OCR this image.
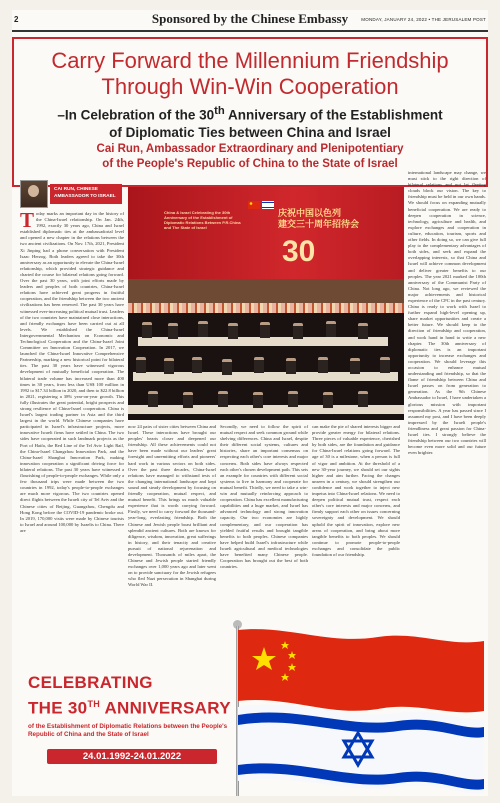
2	Sponsored by the Chinese Embassy	MONDAY, JANUARY 24, 2022 • THE JERUSALEM POST
Carry Forward the Millennium Friendship
Through Win-Win Cooperation
–In Celebration of the 30th Anniversary of the Establishment
of Diplomatic Ties between China and Israel
Cai Run, Ambassador Extraordinary and Plenipotentiary
of the People's Republic of China to the State of Israel
CAI RUN, CHINESE AMBASSADOR TO ISRAEL
Today marks an important day in the history of the China-Israel relationship. On Jan. 24th, 1992, exactly 30 years ago, China and Israel established diplomatic ties at the ambassadorial level and opened a new chapter in the relations between the two ancient civilizations. On Nov. 17th, 2021, President Xi Jinping had a phone conversation with President Isaac Herzog. Both leaders agreed to take the 30th anniversary as an opportunity to elevate the China-Israel relationship, which provided strategic guidance and charted the course for bilateral relations going forward. Over the past 30 years, with joint efforts made by leaders and peoples of both countries, China-Israel relations have achieved great progress in fruitful cooperation, and the friendship between the two ancient civilizations has been renewed. The past 30 years have witnessed ever-increasing political mutual trust. Leaders of the two countries have maintained close interactions, and friendly exchanges have been carried out at all levels. We established the China-Israel Intergovernmental Mechanism on Economic and Technological Cooperation and the China-Israel Joint Committee on Innovation Cooperation. In 2017, we launched the China-Israel Innovative Comprehensive Partnership, marking a new historical point for bilateral ties. The past 30 years have witnessed vigorous development of mutually beneficial cooperation. The bilateral trade volume has increased more than 400 times in 30 years, from less than US$ 100 million in 1992 to $17.34 billion in 2020, and then to $22.8 billion in 2021, registering a 38% year-on-year growth. This fully illustrates the great potential, bright prospects and strong resilience of China-Israel cooperation. China is Israel's largest trading partner in Asia and the third largest in the world. While Chinese companies have participated in Israel's infrastructure projects, more innovative Israeli firms have settled in China. The two sides have cooperated in such landmark projects as the Port of Haifa, the Red Line of the Tel Aviv Light Rail, the China-Israel Changzhou Innovation Park, and the China-Israel Shanghai Innovation Park, making innovation cooperation a significant driving force for bilateral relations. The past 30 years have witnessed a flourishing of people-to-people exchanges. While only a few thousand trips were made between the two countries in 1992, today's people-to-people exchanges are much more vigorous. The two countries opened direct flights between the Israeli city of Tel Aviv and the Chinese cities of Beijing, Guangzhou, Chengdu and Hong Kong before the COVID-19 pandemic broke out. In 2019, 170,000 visits were made by Chinese tourists to Israel and around 100,000 by Israelis to China. There are
China & Israel Celebrating the 30th Anniversary of the Establishment of Diplomatic Relations Between P.R.China and The State of Israel
庆祝中国以色列
建交三十周年招待会
30
now 24 pairs of sister cities between China and Israel. These interactions have brought our peoples' hearts closer and deepened our friendship. All these achievements could not have been made without our leaders' great foresight and unremitting efforts and pioneers' hard work in various sectors on both sides. Over the past three decades, China-Israel relations have managed to withstand tests of the changing international landscape and kept sound and steady development by focusing on friendly cooperation, mutual respect, and mutual benefit. This brings us much valuable experience that is worth carrying forward. Firstly, we need to carry forward the thousand-year-long, everlasting friendship. Both the Chinese and Jewish people boast brilliant and splendid ancient cultures. Both are known for diligence, wisdom, innovation, great sufferings in history, and their tenacity and creative pursuit of national rejuvenation and development. Thousands of miles apart, the Chinese and Jewish people started friendly exchanges over 1,000 years ago and later went on to provide sanctuary for the Jewish refugees who fled Nazi persecution in Shanghai during World War II.
Secondly, we need to follow the spirit of mutual respect and seek common ground while shelving differences. China and Israel, despite their different social systems, cultures and histories, share an important consensus on respecting each other's core interests and major concerns. Both sides have always respected each other's chosen development path. This sets an example for countries with different social systems to live in harmony and cooperate for mutual benefit. Thirdly, we need to take a win-win and mutually reinforcing approach to cooperation. China has excellent manufacturing capabilities and a huge market, and Israel has advanced technology and strong innovation capacity. Our two economies are highly complementary, and our cooperation has yielded fruitful results and brought tangible benefits to both peoples. Chinese companies have helped build Israel's infrastructure while Israeli agricultural and medical technologies have benefited many Chinese people. Cooperation has brought out the best of both countries.
can make the pie of shared interests bigger and provide greater energy for bilateral relations. Three pieces of valuable experience, cherished by both sides, are the foundation and guidance for China-Israel relations going forward. The age of 30 is a milestone, when a person is full of vigor and ambition. At the threshold of a new 30-year journey, we should set our sights higher and aim further. Facing the changes unseen in a century, we should strengthen our confidence and work together to inject new impetus into China-Israel relations. We need to deepen political mutual trust, respect each other's core interests and major concerns, and firmly support each other on issues concerning sovereignty and development. We should uphold the spirit of innovation, explore new areas of cooperation, and bring about more tangible benefits to both peoples. We should continue to promote people-to-people exchanges and consolidate the public foundation of our friendship.
international landscape may change, we must stick to the right direction of bilateral relations and not let fleeting clouds block our vision. The key to friendship must be held in our own hands. We should focus on expanding mutually beneficial cooperation. We are ready to deepen cooperation in science, technology, agriculture and health, and explore exchanges and cooperation in culture, education, tourism, sports and other fields. In doing so, we can give full play to the complementary advantages of both sides, and seek and expand the overlapping interests, so that China and Israel will achieve common development and deliver greater benefits to our peoples. The year 2021 marked the 100th anniversary of the Communist Party of China. Not long ago, we reviewed the major achievements and historical experience of the CPC in the past century. China is ready to work with Israel to further expand high-level opening up, share market opportunities and create a better future. We should keep to the direction of friendship and cooperation, and work hand in hand to write a new chapter. The 30th anniversary of diplomatic ties is an important opportunity to increase exchanges and cooperation. We should leverage this occasion to enhance mutual understanding and friendship, so that the flame of friendship between China and Israel passes on from generation to generation. As the 9th Chinese Ambassador to Israel, I have undertaken a glorious mission with important responsibilities. A year has passed since I assumed my post, and I have been deeply impressed by the Israeli people's friendliness and great passion for China-Israel ties. I strongly believe the friendship between our two countries will become even more solid and our future even brighter.
CELEBRATING
THE 30TH ANNIVERSARY
of the Establishment of Diplomatic Relations between the People's Republic of China and the State of Israel
24.01.1992-24.01.2022
